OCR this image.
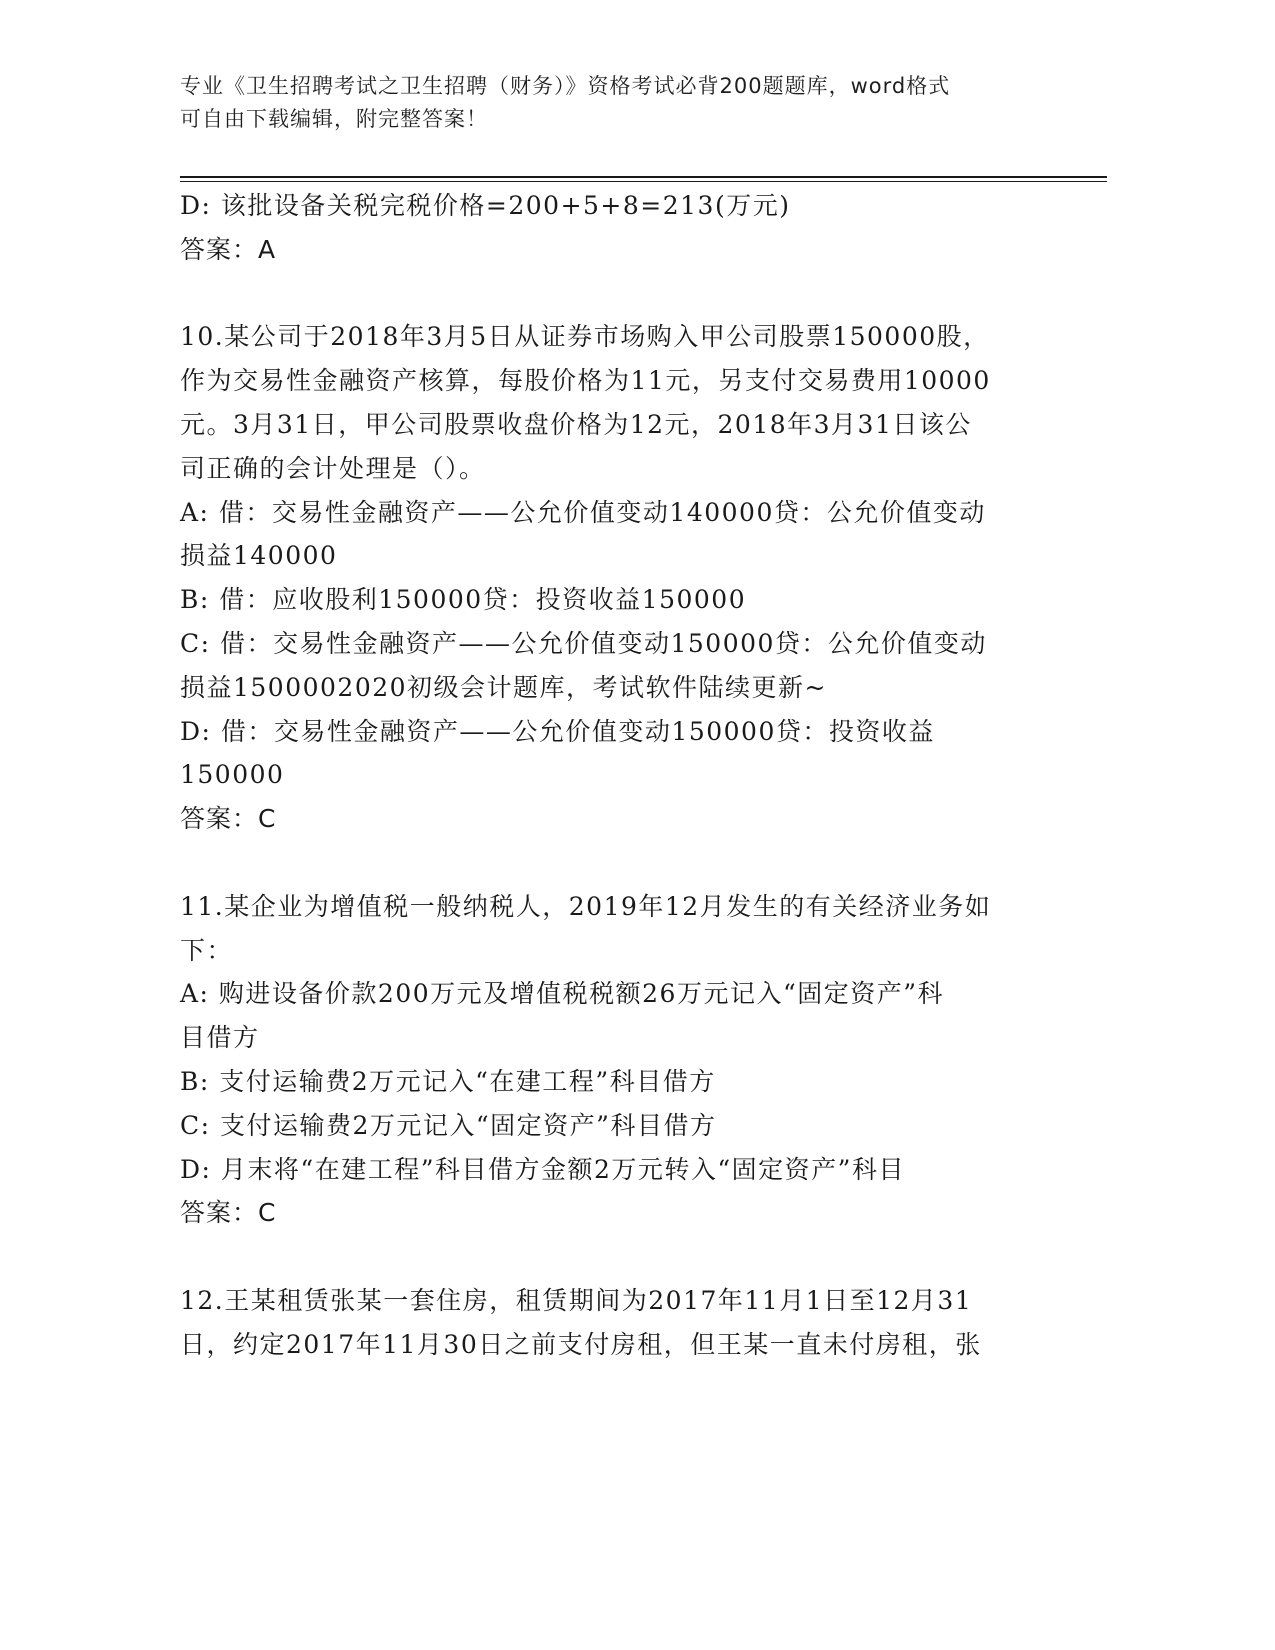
专业《卫生招聘考试之卫生招聘（财务）》资格考试必背200题题库，word格式
可自由下载编辑，附完整答案！
D: 该批设备关税完税价格=200+5+8=213(万元)
答案：A
10.某公司于2018年3月5日从证券市场购入甲公司股票150000股，
作为交易性金融资产核算，每股价格为11元，另支付交易费用10000
元。3月31日，甲公司股票收盘价格为12元，2018年3月31日该公
司正确的会计处理是（）。
A: 借：交易性金融资产——公允价值变动140000贷：公允价值变动
损益140000
B: 借：应收股利150000贷：投资收益150000
C: 借：交易性金融资产——公允价值变动150000贷：公允价值变动
损益1500002020初级会计题库，考试软件陆续更新~
D: 借：交易性金融资产——公允价值变动150000贷：投资收益
150000
答案：C
11.某企业为增值税一般纳税人，2019年12月发生的有关经济业务如
下：
A: 购进设备价款200万元及增值税税额26万元记入“固定资产”科
目借方
B: 支付运输费2万元记入“在建工程”科目借方
C: 支付运输费2万元记入“固定资产”科目借方
D: 月末将“在建工程”科目借方金额2万元转入“固定资产”科目
答案：C
12.王某租赁张某一套住房，租赁期间为2017年11月1日至12月31
日，约定2017年11月30日之前支付房租，但王某一直未付房租，张
